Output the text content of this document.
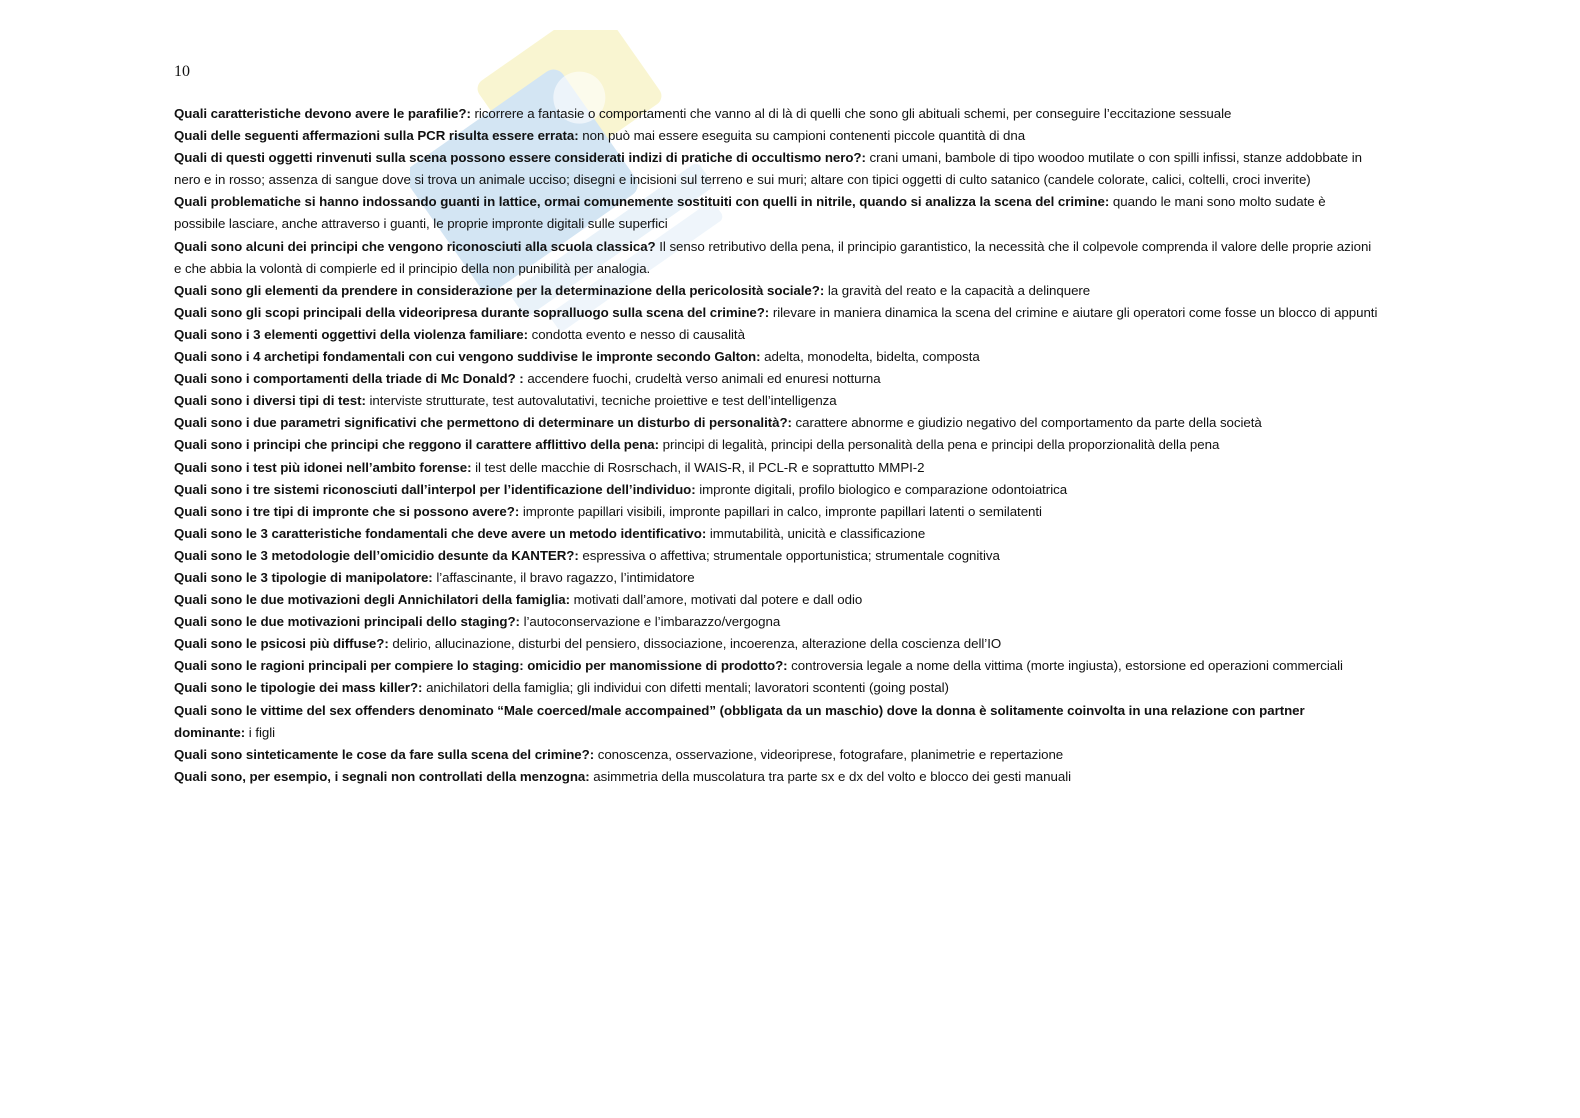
10
Quali caratteristiche devono avere le parafilie?: ricorrere a fantasie o comportamenti che vanno al di là di quelli che sono gli abituali schemi, per conseguire l’eccitazione sessuale
Quali delle seguenti affermazioni sulla PCR risulta essere errata: non può mai essere eseguita su campioni contenenti piccole quantità di dna
Quali di questi oggetti rinvenuti sulla scena possono essere considerati indizi di pratiche di occultismo nero?: crani umani, bambole di tipo woodoo mutilate o con spilli infissi, stanze addobbate in nero e in rosso; assenza di sangue dove si trova un animale ucciso; disegni e incisioni sul terreno e sui muri; altare con tipici oggetti di culto satanico (candele colorate, calici, coltelli, croci inverite)
Quali problematiche si hanno indossando guanti in lattice, ormai comunemente sostituiti con quelli in nitrile, quando si analizza la scena del crimine: quando le mani sono molto sudate è possibile lasciare, anche attraverso i guanti, le proprie impronte digitali sulle superfici
Quali sono alcuni dei principi che vengono riconosciuti alla scuola classica? Il senso retributivo della pena, il principio garantistico, la necessità che il colpevole comprenda il valore delle proprie azioni e che abbia la volontà di compierle ed il principio della non punibilità per analogia.
Quali sono gli elementi da prendere in considerazione per la determinazione della pericolosità sociale?: la gravità del reato e la capacità a delinquere
Quali sono gli scopi principali della videoripresa durante sopralluogo sulla scena del crimine?: rilevare in maniera dinamica la scena del crimine e aiutare gli operatori come fosse un blocco di appunti
Quali sono i 3 elementi oggettivi della violenza familiare: condotta evento e nesso di causalità
Quali sono i 4 archetipi fondamentali con cui vengono suddivise le impronte secondo Galton: adelta, monodelta, bidelta, composta
Quali sono i comportamenti della triade di Mc Donald? : accendere fuochi, crudeltà verso animali ed enuresi notturna
Quali sono i diversi tipi di test: interviste strutturate, test autovalutativi, tecniche proiettive e test dell’intelligenza
Quali sono i due parametri significativi che permettono di determinare un disturbo di personalità?: carattere abnorme e giudizio negativo del comportamento da parte della società
Quali sono i principi che principi che reggono il carattere afflittivo della pena: principi di legalità, principi della personalità della pena e principi della proporzionalità della pena
Quali sono i test più idonei nell’ambito forense: il test delle macchie di Rosrschach, il WAIS-R, il PCL-R e soprattutto MMPI-2
Quali sono i tre sistemi riconosciuti dall’interpol per l’identificazione dell’individuo: impronte digitali, profilo biologico e comparazione odontoiatrica
Quali sono i tre tipi di impronte che si possono avere?: impronte papillari visibili, impronte papillari in calco, impronte papillari latenti o semilatenti
Quali sono le 3 caratteristiche fondamentali che deve avere un metodo identificativo: immutabilità, unicità e classificazione
Quali sono le 3 metodologie dell’omicidio desunte da KANTER?: espressiva o affettiva; strumentale opportunistica; strumentale cognitiva
Quali sono le 3 tipologie di manipolatore: l’affascinante, il bravo ragazzo, l’intimidatore
Quali sono le due motivazioni degli Annichilatori della famiglia: motivati dall’amore, motivati dal potere e dall odio
Quali sono le due motivazioni principali dello staging?: l’autoconservazione e l’imbarazzo/vergogna
Quali sono le psicosi più diffuse?: delirio, allucinazione, disturbi del pensiero, dissociazione, incoerenza, alterazione della coscienza dell’IO
Quali sono le ragioni principali per compiere lo staging: omicidio per manomissione di prodotto?: controversia legale a nome della vittima (morte ingiusta), estorsione ed operazioni commerciali
Quali sono le tipologie dei mass killer?: anichilatori della famiglia; gli individui con difetti mentali; lavoratori scontenti (going postal)
Quali sono le vittime del sex offenders denominato “Male coerced/male accompained” (obbligata da un maschio) dove la donna è solitamente coinvolta in una relazione con partner dominante: i figli
Quali sono sinteticamente le cose da fare sulla scena del crimine?: conoscenza, osservazione, videoriprese, fotografare, planimetrie e repertazione
Quali sono, per esempio, i segnali non controllati della menzogna: asimmetria della muscolatura tra parte sx e dx del volto e blocco dei gesti manuali
